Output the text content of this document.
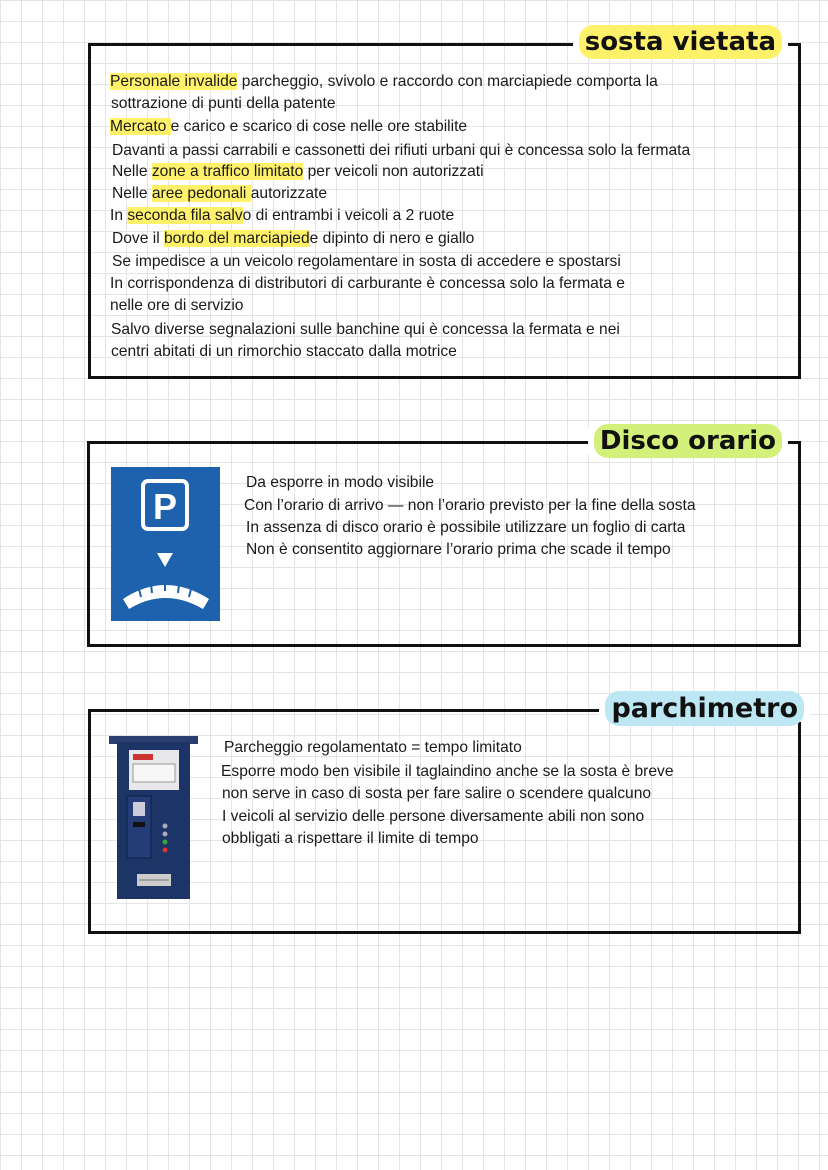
sosta vietata
Personale invalide parcheggio, svivolo e raccordo con marciapiede comporta la
sottrazione di punti della patente
Mercato e carico e scarico di cose nelle ore stabilite
Davanti a passi carrabili e cassonetti dei rifiuti urbani qui è concessa solo la fermata
Nelle zone a traffico limitato per veicoli non autorizzati
Nelle aree pedonali autorizzate
In seconda fila salvo di entrambi i veicoli a 2 ruote
Dove il bordo del marciapiede dipinto di nero e giallo
Se impedisce a un veicolo regolamentare in sosta di accedere e spostarsi
In corrispondenza di distributori di carburante è concessa solo la fermata e
nelle ore di servizio
Salvo diverse segnalazioni sulle banchine qui è concessa la fermata e nei
centri abitati di un rimorchio staccato dalla motrice
Disco orario
P
Da esporre in modo visibile
Con l’orario di arrivo — non l’orario previsto per la fine della sosta
In assenza di disco orario è possibile utilizzare un foglio di carta
Non è consentito aggiornare l’orario prima che scade il tempo
parchimetro
Parcheggio regolamentato = tempo limitato
Esporre modo ben visibile il taglaindino anche se la sosta è breve
non serve in caso di sosta per fare salire o scendere qualcuno
I veicoli al servizio delle persone diversamente abili non sono
obbligati a rispettare il limite di tempo
